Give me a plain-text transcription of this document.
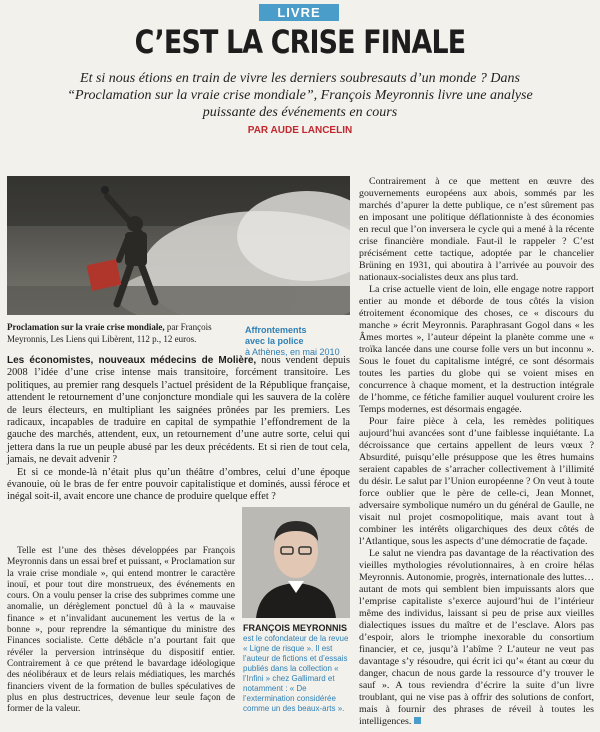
LIVRE
C’EST LA CRISE FINALE
Et si nous étions en train de vivre les derniers soubresauts d’un monde ? Dans “Proclamation sur la vraie crise mondiale”, François Meyronnis livre une analyse puissante des événements en cours
PAR AUDE LANCELIN
Proclamation sur la vraie crise mondiale, par François Meyronnis, Les Liens qui Libèrent, 112 p., 12 euros.
Affrontements
avec la police
à Athènes, en mai 2010

Les économistes, nouveaux médecins de Molière, nous vendent depuis 2008 l’idée d’une crise intense mais transitoire, forcément transitoire. Les politiques, au premier rang desquels l’actuel président de la République française, attendent le retournement d’une conjoncture mondiale qui les sauvera de la colère de leurs électeurs, en multipliant les saignées prônées par les premiers. Les radicaux, incapables de traduire en capital de sympathie l’effondrement de la gauche des marchés, attendent, eux, un retournement d’une autre sorte, celui qui jettera dans la rue un peuple abusé par les deux précédents. Et si rien de tout cela, jamais, ne devait advenir ?

Et si ce monde-là n’était plus qu’un théâtre d’ombres, celui d’une époque évanouie, où le bras de fer entre pouvoir capitalistique et dominés, aussi féroce et inégal soit-il, avait encore une chance de produire quelque effet ?

Telle est l’une des thèses développées par François Meyronnis dans un essai bref et puissant, « Proclamation sur la vraie crise mondiale », qui entend montrer le caractère inouï, et pour tout dire monstrueux, des événements en cours. On a voulu penser la crise des subprimes comme une anomalie, un dérèglement ponctuel dû à la « mauvaise finance » et n’invalidant aucunement les vertus de la « bonne », pour reprendre la sémantique du ministre des Finances socialiste. Cette débâcle n’a pourtant fait que révéler la perversion intrinsèque du dispositif entier. Contrairement à ce que prétend le bavardage idéologique des néolibéraux et de leurs relais médiatiques, les marchés financiers vivent de la formation de bulles spéculatives de plus en plus destructrices, devenue leur seule façon de former de la valeur.

FRANÇOIS MEYRONNIS
est le cofondateur de la revue « Ligne de risque ». Il est l’auteur de fictions et d’essais publiés dans la collection « l’Infini » chez Gallimard et notamment : « De l’extermination considérée comme un des beaux-arts ».

Contrairement à ce que mettent en œuvre des gouvernements européens aux abois, sommés par les marchés d’apurer la dette publique, ce n’est sûrement pas en imposant une politique déflationniste à des économies en recul que l’on inversera le cycle qui a mené à la récente crise financière mondiale. Faut-il le rappeler ? C’est précisément cette tactique, adoptée par le chancelier Brüning en 1931, qui aboutira à l’arrivée au pouvoir des nationaux-socialistes deux ans plus tard.

La crise actuelle vient de loin, elle engage notre rapport entier au monde et déborde de tous côtés la vision étroitement économique des choses, ce « discours du manche » écrit Meyronnis. Paraphrasant Gogol dans « les Âmes mortes », l’auteur dépeint la planète comme une « troïka lancée dans une course folle vers un but inconnu ». Sous le fouet du capitalisme intégré, ce sont désormais toutes les parties du globe qui se voient mises en concurrence à chaque moment, et la destruction intégrale de l’homme, ce fétiche familier auquel voulurent croire les Temps modernes, est désormais engagée.

Pour faire pièce à cela, les remèdes politiques aujourd’hui avancées sont d’une faiblesse inquiétante. La décroissance que certains appellent de leurs vœux ? Absurdité, puisqu’elle présuppose que les êtres humains seraient capables de s’arracher collectivement à l’illimité du désir. Le salut par l’Union européenne ? On veut à toute force oublier que le père de celle-ci, Jean Monnet, adversaire symbolique numéro un du général de Gaulle, ne visait nul projet cosmopolitique, mais avant tout à combiner les intérêts oligarchiques des deux côtés de l’Atlantique, sous les aspects d’une démocratie de façade.

Le salut ne viendra pas davantage de la réactivation des vieilles mythologies révolutionnaires, à en croire hélas Meyronnis. Autonomie, progrès, internationale des luttes… autant de mots qui semblent bien impuissants alors que l’emprise capitaliste s’exerce aujourd’hui de l’intérieur même des individus, laissant si peu de prise aux vieilles dialectiques issues du maître et de l’esclave. Alors pas d’espoir, alors le triomphe inexorable du consortium financier, et ce, jusqu’à l’abîme ? L’auteur ne veut pas davantage s’y résoudre, qui écrit ici qu’« étant au cœur du danger, chacun de nous garde la ressource d’y trouver le sauf ». A tous reviendra d’écrire la suite d’un livre troublant, qui ne vise pas à offrir des solutions de confort, mais à fournir des phrases de réveil à toutes les intelligences.
